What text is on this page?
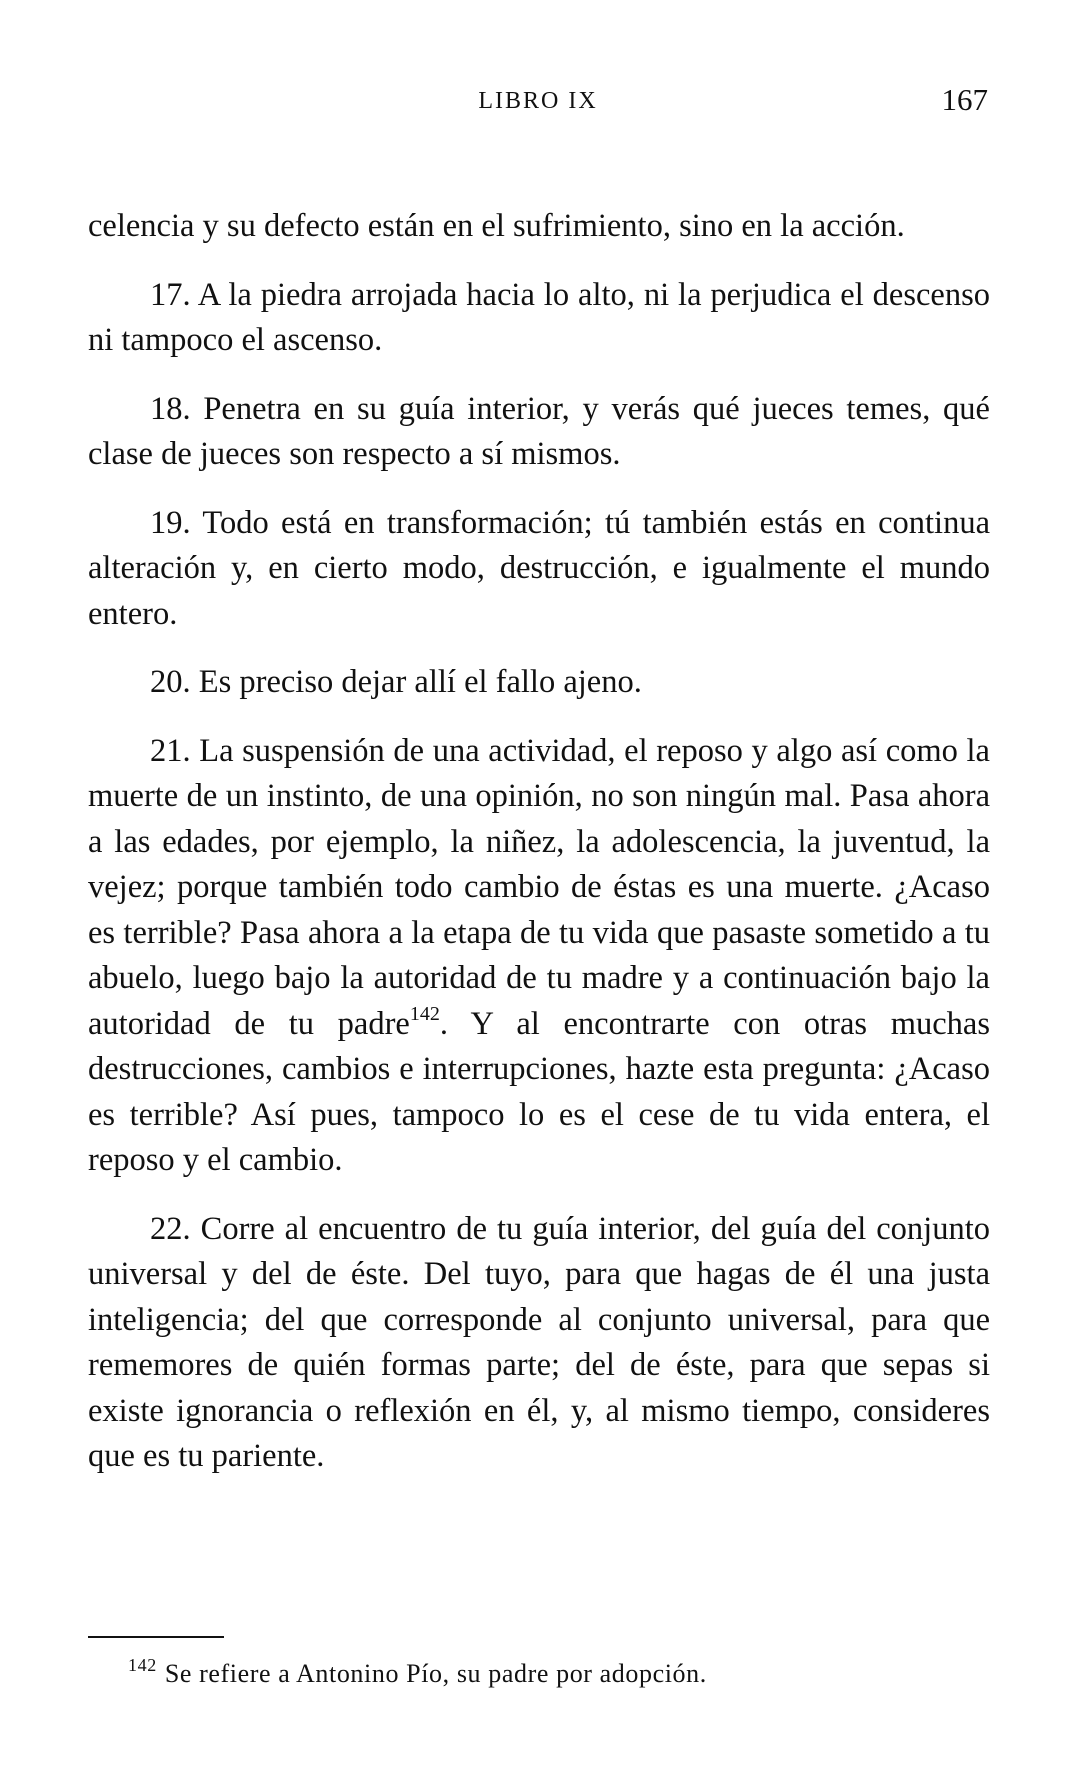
LIBRO IX	167

celencia y su defecto están en el sufrimiento, sino en la acción.

17. A la piedra arrojada hacia lo alto, ni la perjudica el descenso ni tampoco el ascenso.

18. Penetra en su guía interior, y verás qué jueces temes, qué clase de jueces son respecto a sí mismos.

19. Todo está en transformación; tú también estás en continua alteración y, en cierto modo, destrucción, e igualmente el mundo entero.

20. Es preciso dejar allí el fallo ajeno.

21. La suspensión de una actividad, el reposo y algo así como la muerte de un instinto, de una opinión, no son ningún mal. Pasa ahora a las edades, por ejemplo, la niñez, la adolescencia, la juventud, la vejez; porque también todo cambio de éstas es una muerte. ¿Acaso es terrible? Pasa ahora a la etapa de tu vida que pasaste sometido a tu abuelo, luego bajo la autoridad de tu madre y a continuación bajo la autoridad de tu padre$^{142}$. Y al encontrarte con otras muchas destrucciones, cambios e interrupciones, hazte esta pregunta: ¿Acaso es terrible? Así pues, tampoco lo es el cese de tu vida entera, el reposo y el cambio.

22. Corre al encuentro de tu guía interior, del guía del conjunto universal y del de éste. Del tuyo, para que hagas de él una justa inteligencia; del que corresponde al conjunto universal, para que rememores de quién formas parte; del de éste, para que sepas si existe ignorancia o reflexión en él, y, al mismo tiempo, consideres que es tu pariente.

$^{142}$ Se refiere a Antonino Pío, su padre por adopción.
